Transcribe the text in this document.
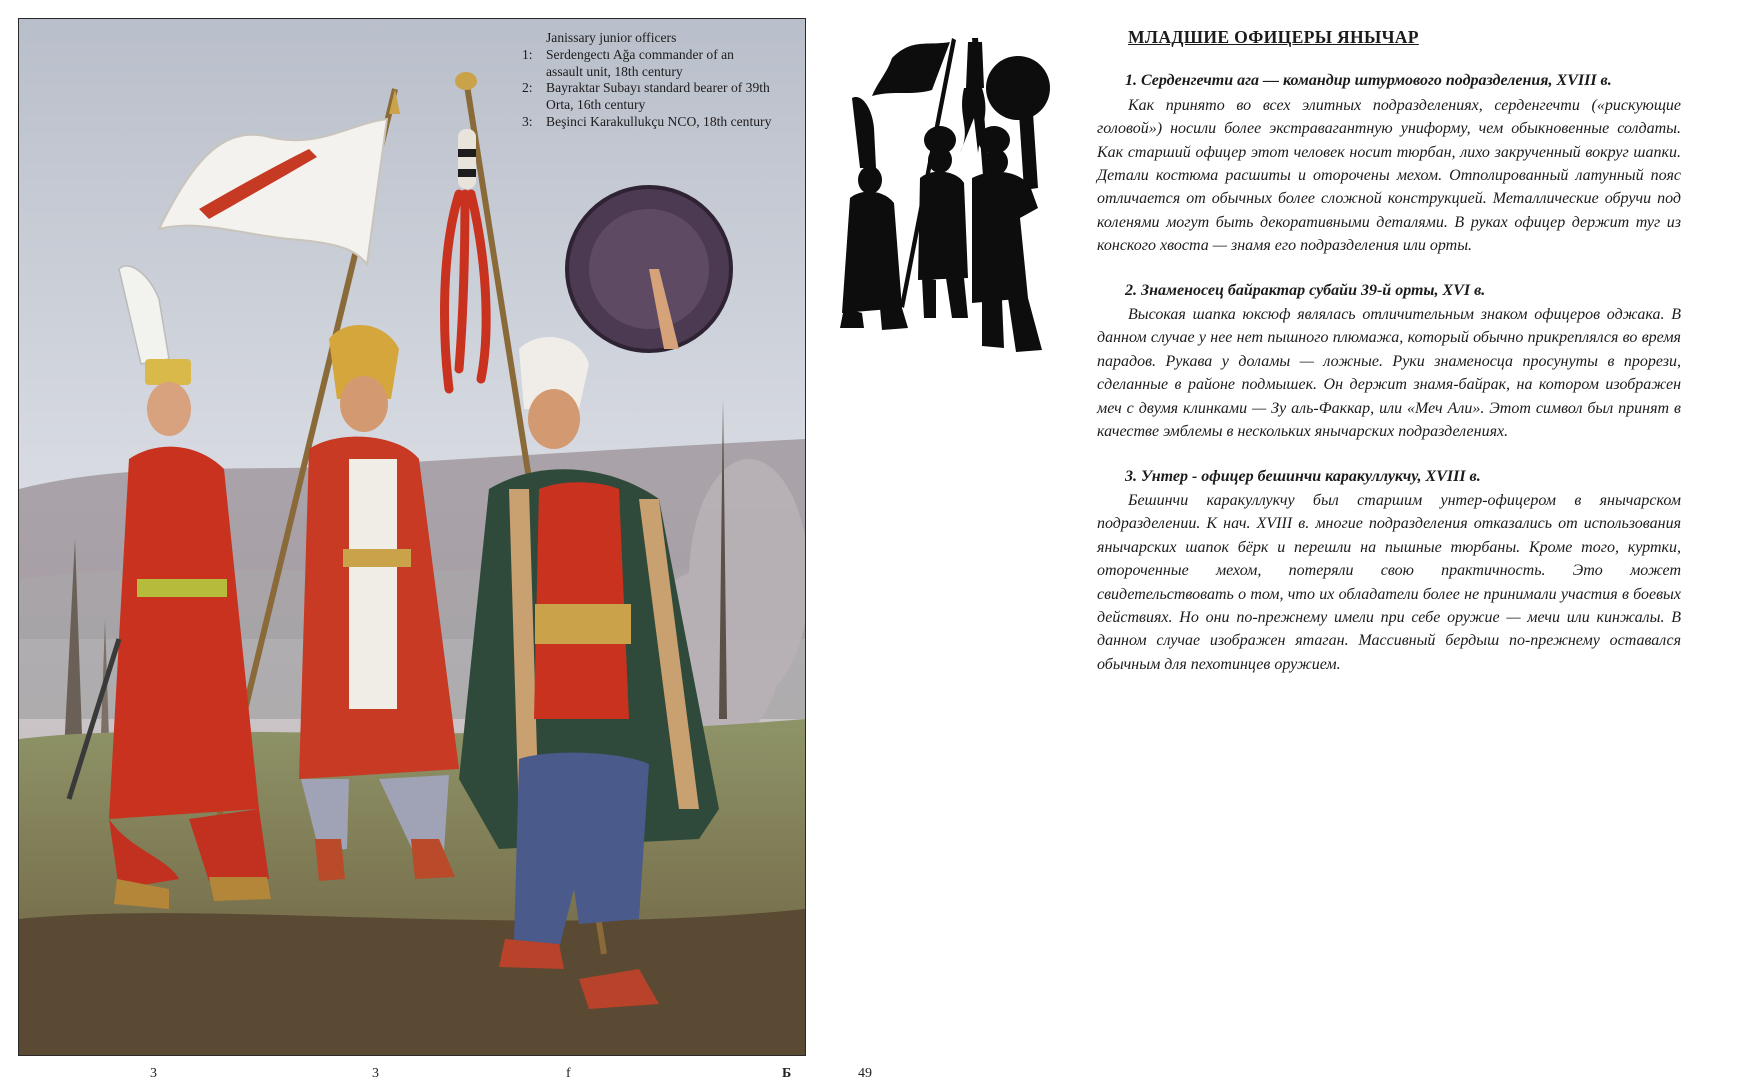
Janissary junior officers
1: Serdengectı Ağa commander of an assault unit, 18th century
2: Bayraktar Subayı standard bearer of 39th Orta, 16th century
3: Beşinci Karakullukçu NCO, 18th century
МЛАДШИЕ ОФИЦЕРЫ ЯНЫЧАР
1. Серденгечти ага — командир штурмового подразделения, XVIII в.
Как принято во всех элитных подразделениях, серденгечти («рискующие головой») носили более экстравагантную униформу, чем обыкновенные солдаты. Как старший офицер этот человек носит тюрбан, лихо закрученный вокруг шапки. Детали костюма расшиты и оторочены мехом. Отполированный латунный пояс отличается от обычных более сложной конструкцией. Металлические обручи под коленями могут быть декоративными деталями. В руках офицер держит туг из конского хвоста — знамя его подразделения или орты.
2. Знаменосец байрактар субайи 39-й орты, XVI в.
Высокая шапка юксюф являлась отличительным знаком офицеров оджака. В данном случае у нее нет пышного плюмажа, который обычно прикреплялся во время парадов. Рукава у доламы — ложные. Руки знаменосца просунуты в прорези, сделанные в районе подмышек. Он держит знамя-байрак, на котором изображен меч с двумя клинками — Зу аль-Факкар, или «Меч Али». Этот символ был принят в качестве эмблемы в нескольких янычарских подразделениях.
3. Унтер - офицер бешинчи каракуллукчу, XVIII в.
Бешинчи каракуллукчу был старшим унтер-офицером в янычарском подразделении. К нач. XVIII в. многие подразделения отказались от использования янычарских шапок бёрк и перешли на пышные тюрбаны. Кроме того, куртки, отороченные мехом, потеряли свою практичность. Это может свидетельствовать о том, что их обладатели более не принимали участия в боевых действиях. Но они по-прежнему имели при себе оружие — мечи или кинжалы. В данном случае изображен ятаган. Массивный бердыш по-прежнему оставался обычным для пехотинцев оружием.
3	3	f	Б	49
